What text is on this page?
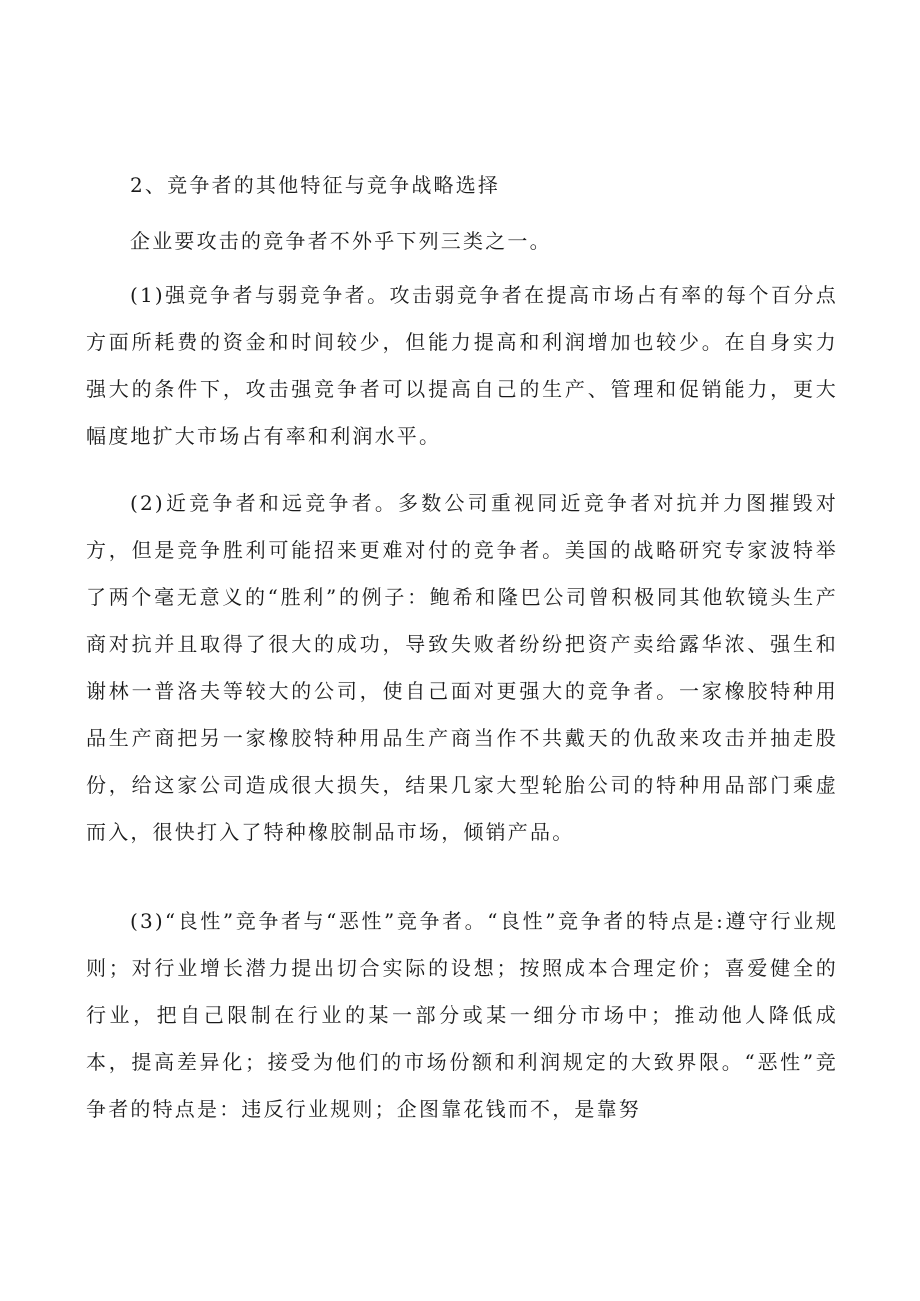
2、竞争者的其他特征与竞争战略选择

企业要攻击的竞争者不外乎下列三类之一。

(1)强竞争者与弱竞争者。攻击弱竞争者在提高市场占有率的每个百分点方面所耗费的资金和时间较少，但能力提高和利润增加也较少。在自身实力强大的条件下，攻击强竞争者可以提高自己的生产、管理和促销能力，更大幅度地扩大市场占有率和利润水平。

(2)近竞争者和远竞争者。多数公司重视同近竞争者对抗并力图摧毁对方，但是竞争胜利可能招来更难对付的竞争者。美国的战略研究专家波特举了两个毫无意义的“胜利”的例子：鲍希和隆巴公司曾积极同其他软镜头生产商对抗并且取得了很大的成功，导致失败者纷纷把资产卖给露华浓、强生和谢林一普洛夫等较大的公司，使自己面对更强大的竞争者。一家橡胶特种用品生产商把另一家橡胶特种用品生产商当作不共戴天的仇敌来攻击并抽走股份，给这家公司造成很大损失，结果几家大型轮胎公司的特种用品部门乘虚而入，很快打入了特种橡胶制品市场，倾销产品。

(3)“良性”竞争者与“恶性”竞争者。“良性”竞争者的特点是:遵守行业规则；对行业增长潜力提出切合实际的设想；按照成本合理定价；喜爱健全的行业，把自己限制在行业的某一部分或某一细分市场中；推动他人降低成本，提高差异化；接受为他们的市场份额和利润规定的大致界限。“恶性”竞争者的特点是：违反行业规则；企图靠花钱而不，是靠努
